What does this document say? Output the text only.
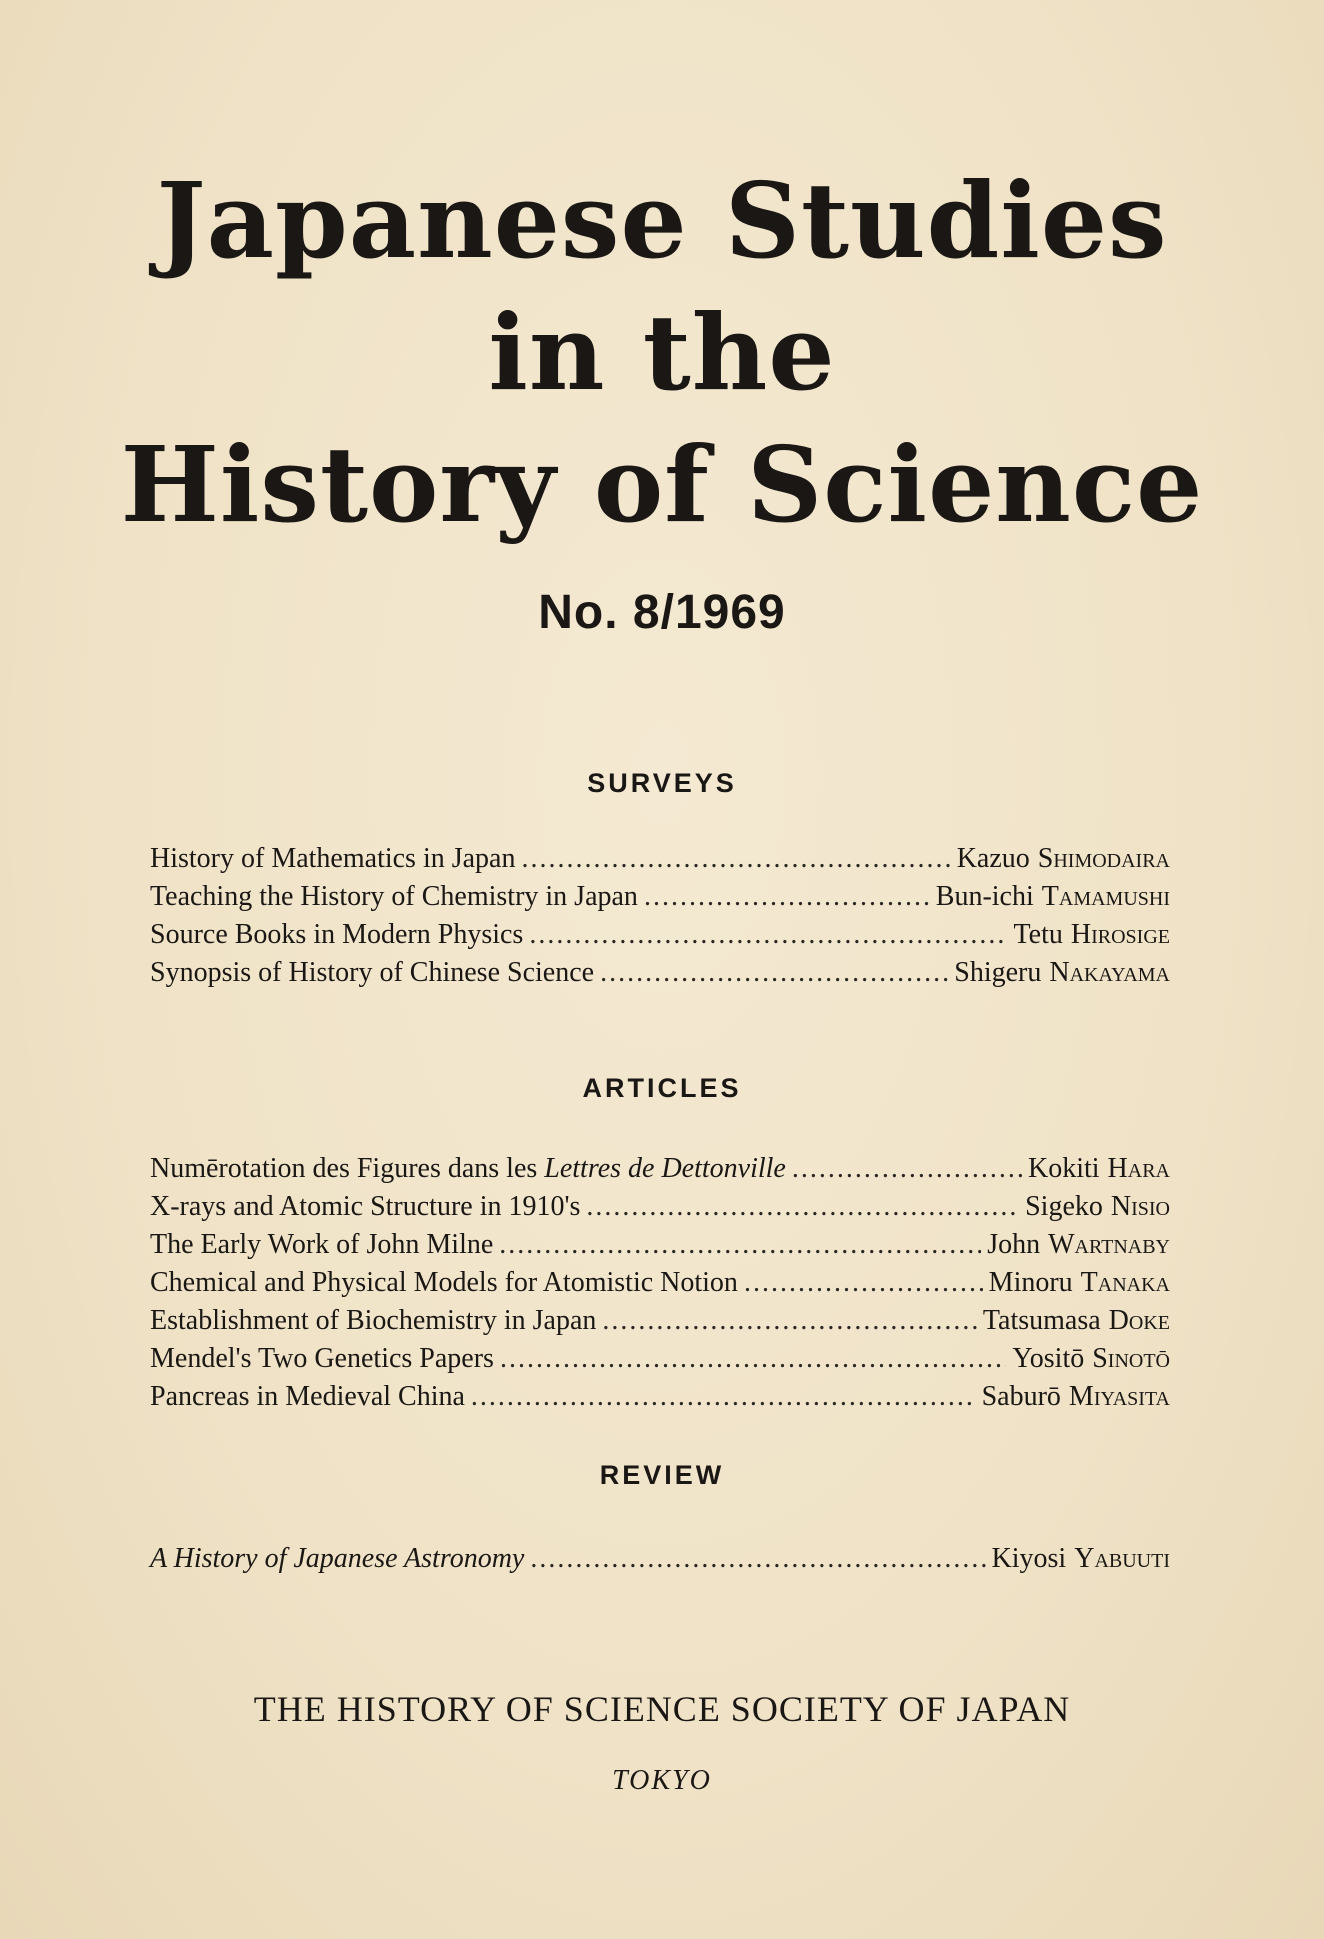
Japanese Studies
in the
History of Science
No. 8/1969
SURVEYS
History of Mathematics in Japan .....	Kazuo Shimodaira
Teaching the History of Chemistry in Japan .....	Bun-ichi Tamamushi
Source Books in Modern Physics .....	Tetu Hirosige
Synopsis of History of Chinese Science .....	Shigeru Nakayama
ARTICLES
Numērotation des Figures dans les Lettres de Dettonville .....	Kokiti Hara
X-rays and Atomic Structure in 1910's .....	Sigeko Nisio
The Early Work of John Milne .....	John Wartnaby
Chemical and Physical Models for Atomistic Notion .....	Minoru Tanaka
Establishment of Biochemistry in Japan .....	Tatsumasa Doke
Mendel's Two Genetics Papers .....	Yositō Sinotō
Pancreas in Medieval China .....	Saburō Miyasita
REVIEW
A History of Japanese Astronomy .....	Kiyosi Yabuuti
THE HISTORY OF SCIENCE SOCIETY OF JAPAN
TOKYO
